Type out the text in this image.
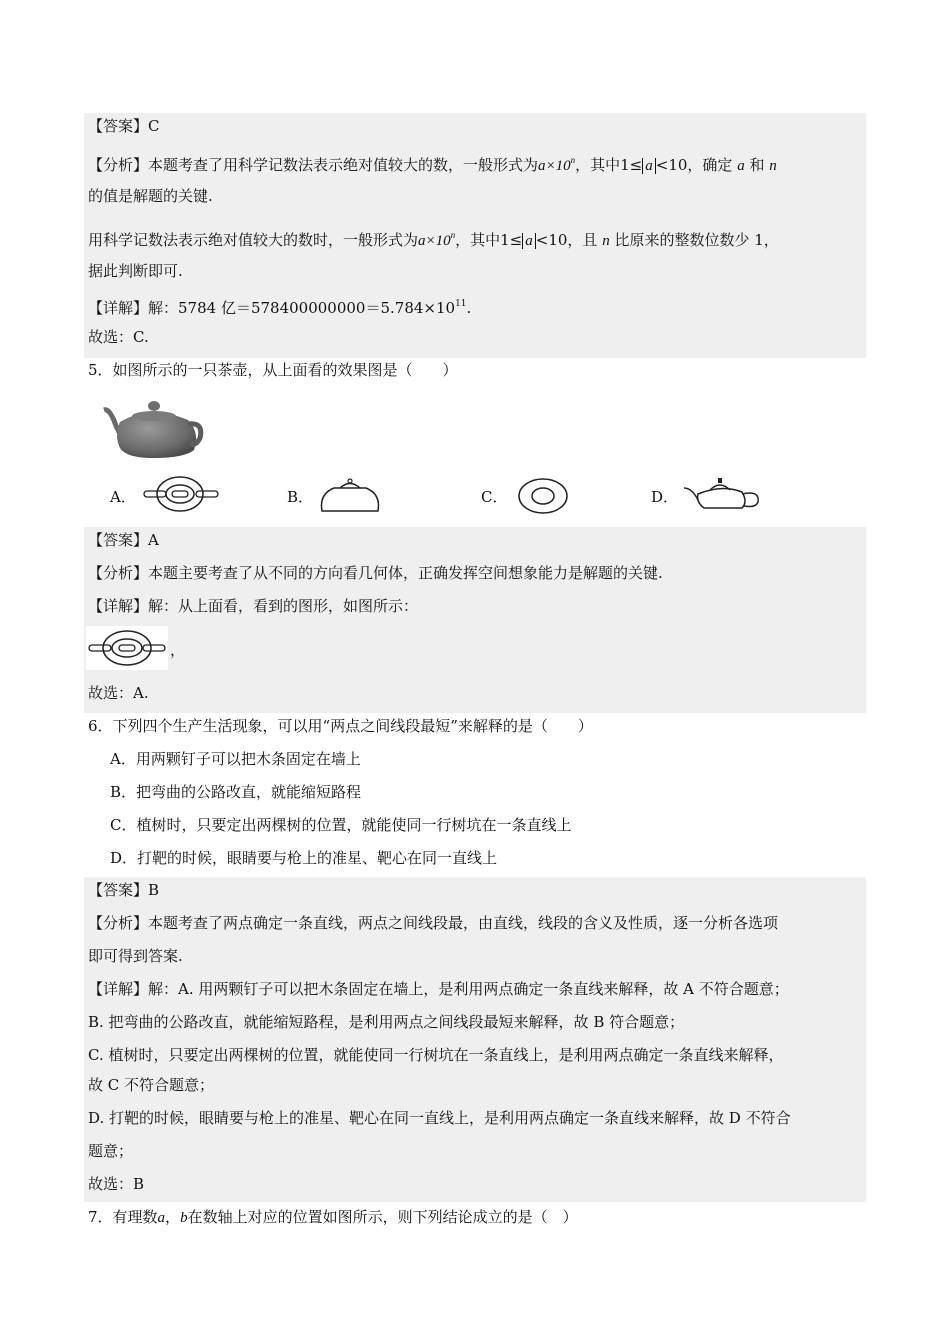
【答案】C
【分析】本题考查了用科学记数法表示绝对值较大的数，一般形式为$a\times 10^n$，其中1≤ a <10，确定 a 和 n
的值是解题的关键.
用科学记数法表示绝对值较大的数时，一般形式为$a\times 10^n$，其中1≤ a <10，且 n 比原来的整数位数少 1，
据此判断即可.
【详解】解：5784 亿$=578400000000=5.784\times 10^{11}$.
故选：C.
5．如图所示的一只茶壶，从上面看的效果图是（　　）
A．	B．	C．	D．
【答案】A
【分析】本题主要考查了从不同的方向看几何体，正确发挥空间想象能力是解题的关键.
【详解】解：从上面看，看到的图形，如图所示：
，
故选：A.
6．下列四个生产生活现象，可以用“两点之间线段最短”来解释的是（　　）
A．用两颗钉子可以把木条固定在墙上
B．把弯曲的公路改直，就能缩短路程
C．植树时，只要定出两棵树的位置，就能使同一行树坑在一条直线上
D．打靶的时候，眼睛要与枪上的准星、靶心在同一直线上
【答案】B
【分析】本题考查了两点确定一条直线，两点之间线段最，由直线，线段的含义及性质，逐一分析各选项
即可得到答案.
【详解】解：A. 用两颗钉子可以把木条固定在墙上，是利用两点确定一条直线来解释，故 A 不符合题意；
B. 把弯曲的公路改直，就能缩短路程，是利用两点之间线段最短来解释，故 B 符合题意；
C. 植树时，只要定出两棵树的位置，就能使同一行树坑在一条直线上，是利用两点确定一条直线来解释，
故 C 不符合题意；
D. 打靶的时候，眼睛要与枪上的准星、靶心在同一直线上，是利用两点确定一条直线来解释，故 D 不符合
题意；
故选：B
7．有理数a，b在数轴上对应的位置如图所示，则下列结论成立的是（　）
